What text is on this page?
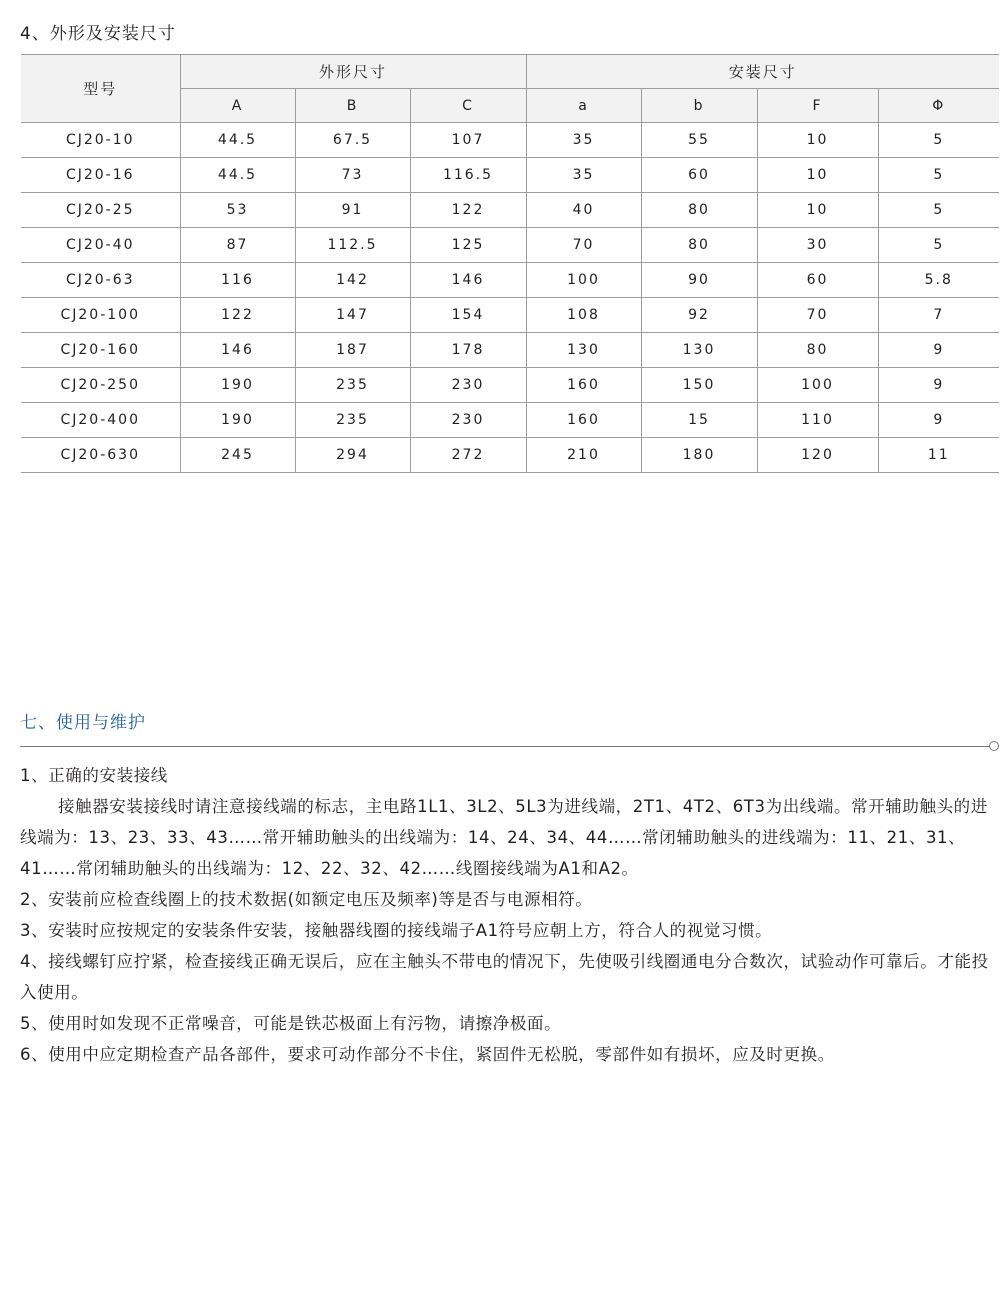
4、外形及安装尺寸
型号	外形尺寸			安装尺寸			
	A	B	C	a	b	F	Φ
CJ20-10	44.5	67.5	107	35	55	10	5
CJ20-16	44.5	73	116.5	35	60	10	5
CJ20-25	53	91	122	40	80	10	5
CJ20-40	87	112.5	125	70	80	30	5
CJ20-63	116	142	146	100	90	60	5.8
CJ20-100	122	147	154	108	92	70	7
CJ20-160	146	187	178	130	130	80	9
CJ20-250	190	235	230	160	150	100	9
CJ20-400	190	235	230	160	15	110	9
CJ20-630	245	294	272	210	180	120	11
七、使用与维护

1、正确的安装接线

接触器安装接线时请注意接线端的标志，主电路1L1、3L2、5L3为进线端，2T1、4T2、6T3为出线端。常开辅助触头的进线端为：13、23、33、43……常开辅助触头的出线端为：14、24、34、44……常闭辅助触头的进线端为：11、21、31、41……常闭辅助触头的出线端为：12、22、32、42……线圈接线端为A1和A2。

2、安装前应检查线圈上的技术数据(如额定电压及频率)等是否与电源相符。

3、安装时应按规定的安装条件安装，接触器线圈的接线端子A1符号应朝上方，符合人的视觉习惯。

4、接线螺钉应拧紧，检查接线正确无误后，应在主触头不带电的情况下，先使吸引线圈通电分合数次，试验动作可靠后。才能投入使用。

5、使用时如发现不正常噪音，可能是铁芯极面上有污物，请擦净极面。

6、使用中应定期检查产品各部件，要求可动作部分不卡住，紧固件无松脱，零部件如有损坏，应及时更换。
